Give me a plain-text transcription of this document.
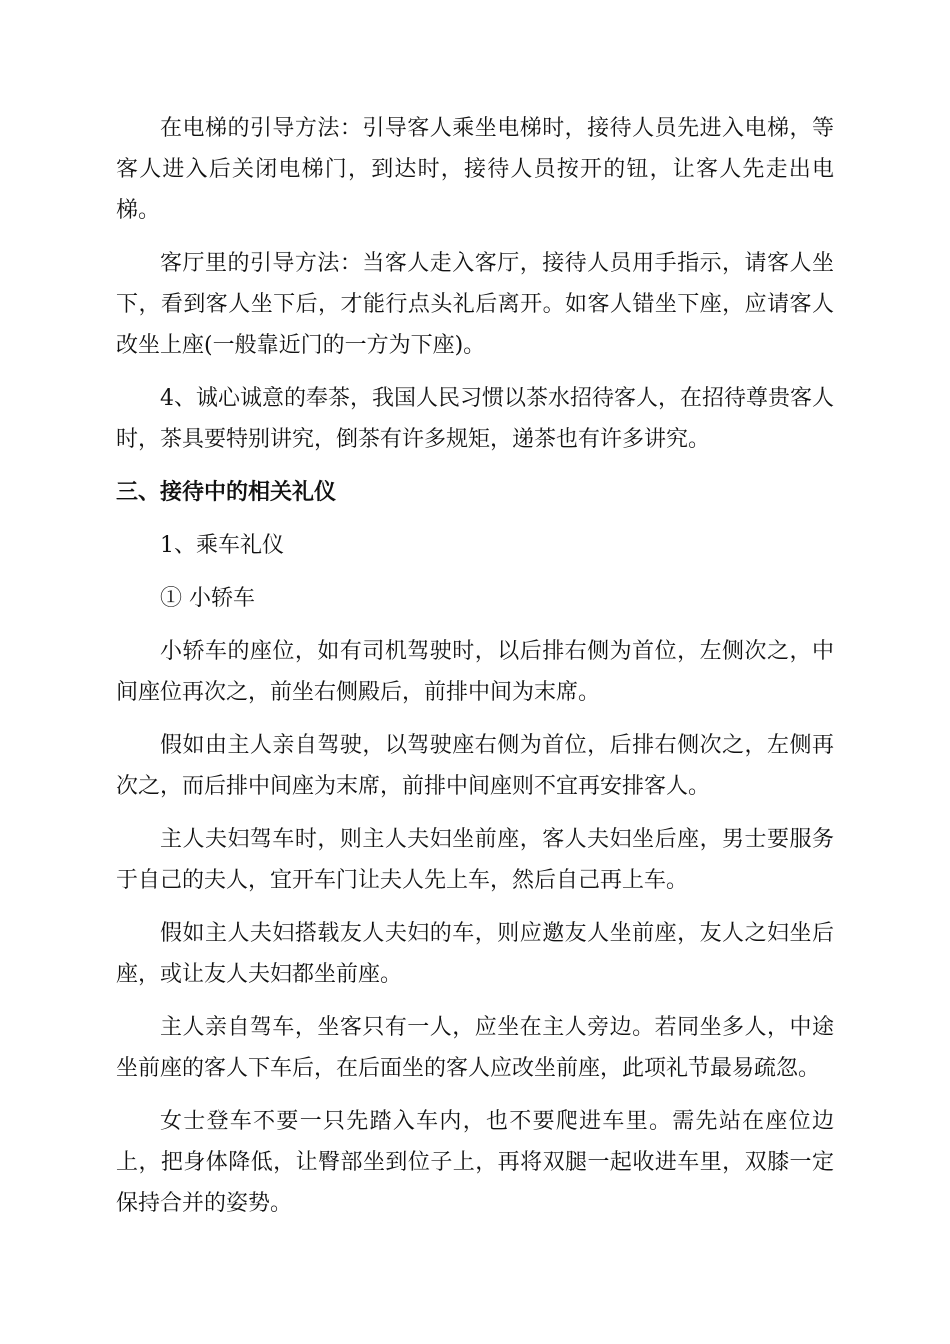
在电梯的引导方法：引导客人乘坐电梯时，接待人员先进入电梯，等客人进入后关闭电梯门，到达时，接待人员按开的钮，让客人先走出电梯。

客厅里的引导方法：当客人走入客厅，接待人员用手指示，请客人坐下，看到客人坐下后，才能行点头礼后离开。如客人错坐下座，应请客人改坐上座(一般靠近门的一方为下座)。

4、诚心诚意的奉茶，我国人民习惯以茶水招待客人，在招待尊贵客人时，茶具要特别讲究，倒茶有许多规矩，递茶也有许多讲究。

三、接待中的相关礼仪

1、乘车礼仪

① 小轿车

小轿车的座位，如有司机驾驶时，以后排右侧为首位，左侧次之，中间座位再次之，前坐右侧殿后，前排中间为末席。

假如由主人亲自驾驶，以驾驶座右侧为首位，后排右侧次之，左侧再次之，而后排中间座为末席，前排中间座则不宜再安排客人。

主人夫妇驾车时，则主人夫妇坐前座，客人夫妇坐后座，男士要服务于自己的夫人，宜开车门让夫人先上车，然后自己再上车。

假如主人夫妇搭载友人夫妇的车，则应邀友人坐前座，友人之妇坐后座，或让友人夫妇都坐前座。

主人亲自驾车，坐客只有一人，应坐在主人旁边。若同坐多人，中途坐前座的客人下车后，在后面坐的客人应改坐前座，此项礼节最易疏忽。

女士登车不要一只先踏入车内，也不要爬进车里。需先站在座位边上，把身体降低，让臀部坐到位子上，再将双腿一起收进车里，双膝一定保持合并的姿势。
